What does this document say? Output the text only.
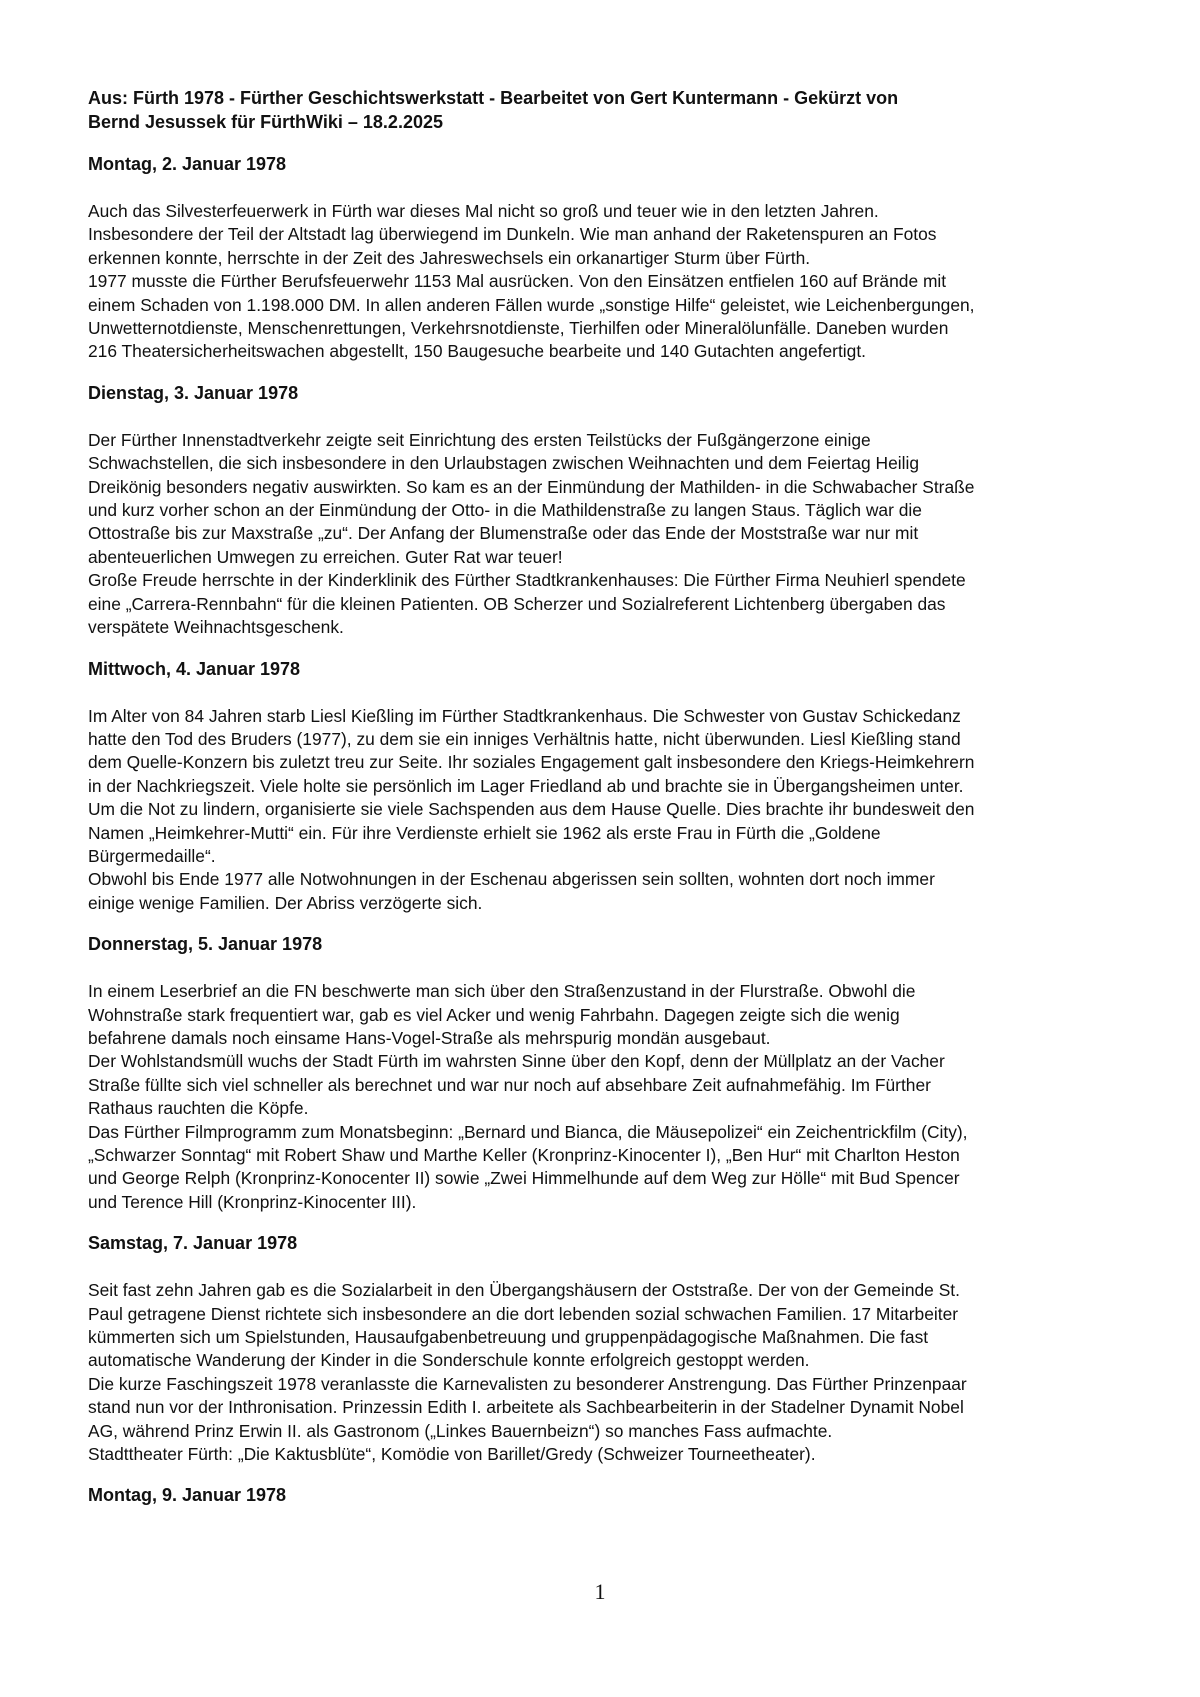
Aus: Fürth 1978 - Fürther Geschichtswerkstatt - Bearbeitet von Gert Kuntermann - Gekürzt von
Bernd Jesussek für FürthWiki – 18.2.2025
Montag, 2. Januar 1978
Auch das Silvesterfeuerwerk in Fürth war dieses Mal nicht so groß und teuer wie in den letzten Jahren.
Insbesondere der Teil der Altstadt lag überwiegend im Dunkeln. Wie man anhand der Raketenspuren an Fotos
erkennen konnte, herrschte in der Zeit des Jahreswechsels ein orkanartiger Sturm über Fürth.
1977 musste die Fürther Berufsfeuerwehr 1153 Mal ausrücken. Von den Einsätzen entfielen 160 auf Brände mit
einem Schaden von 1.198.000 DM. In allen anderen Fällen wurde „sonstige Hilfe“ geleistet, wie Leichenbergungen,
Unwetternotdienste, Menschenrettungen, Verkehrsnotdienste, Tierhilfen oder Mineralölunfälle. Daneben wurden
216 Theatersicherheitswachen abgestellt, 150 Baugesuche bearbeite und 140 Gutachten angefertigt.
Dienstag, 3. Januar 1978
Der Fürther Innenstadtverkehr zeigte seit Einrichtung des ersten Teilstücks der Fußgängerzone einige
Schwachstellen, die sich insbesondere in den Urlaubstagen zwischen Weihnachten und dem Feiertag Heilig
Dreikönig besonders negativ auswirkten. So kam es an der Einmündung der Mathilden- in die Schwabacher Straße
und kurz vorher schon an der Einmündung der Otto- in die Mathildenstraße zu langen Staus. Täglich war die
Ottostraße bis zur Maxstraße „zu“. Der Anfang der Blumenstraße oder das Ende der Moststraße war nur mit
abenteuerlichen Umwegen zu erreichen. Guter Rat war teuer!
Große Freude herrschte in der Kinderklinik des Fürther Stadtkrankenhauses: Die Fürther Firma Neuhierl spendete
eine „Carrera-Rennbahn“ für die kleinen Patienten. OB Scherzer und Sozialreferent Lichtenberg übergaben das
verspätete Weihnachtsgeschenk.
Mittwoch, 4. Januar 1978
Im Alter von 84 Jahren starb Liesl Kießling im Fürther Stadtkrankenhaus. Die Schwester von Gustav Schickedanz
hatte den Tod des Bruders (1977), zu dem sie ein inniges Verhältnis hatte, nicht überwunden. Liesl Kießling stand
dem Quelle-Konzern bis zuletzt treu zur Seite. Ihr soziales Engagement galt insbesondere den Kriegs-Heimkehrern
in der Nachkriegszeit. Viele holte sie persönlich im Lager Friedland ab und brachte sie in Übergangsheimen unter.
Um die Not zu lindern, organisierte sie viele Sachspenden aus dem Hause Quelle. Dies brachte ihr bundesweit den
Namen „Heimkehrer-Mutti“ ein. Für ihre Verdienste erhielt sie 1962 als erste Frau in Fürth die „Goldene
Bürgermedaille“.
Obwohl bis Ende 1977 alle Notwohnungen in der Eschenau abgerissen sein sollten, wohnten dort noch immer
einige wenige Familien. Der Abriss verzögerte sich.
Donnerstag, 5. Januar 1978
In einem Leserbrief an die FN beschwerte man sich über den Straßenzustand in der Flurstraße. Obwohl die
Wohnstraße stark frequentiert war, gab es viel Acker und wenig Fahrbahn. Dagegen zeigte sich die wenig
befahrene damals noch einsame Hans-Vogel-Straße als mehrspurig mondän ausgebaut.
Der Wohlstandsmüll wuchs der Stadt Fürth im wahrsten Sinne über den Kopf, denn der Müllplatz an der Vacher
Straße füllte sich viel schneller als berechnet und war nur noch auf absehbare Zeit aufnahmefähig. Im Fürther
Rathaus rauchten die Köpfe.
Das Fürther Filmprogramm zum Monatsbeginn: „Bernard und Bianca, die Mäusepolizei“ ein Zeichentrickfilm (City),
„Schwarzer Sonntag“ mit Robert Shaw und Marthe Keller (Kronprinz-Kinocenter I), „Ben Hur“ mit Charlton Heston
und George Relph (Kronprinz-Konocenter II) sowie „Zwei Himmelhunde auf dem Weg zur Hölle“ mit Bud Spencer
und Terence Hill (Kronprinz-Kinocenter III).
Samstag, 7. Januar 1978
Seit fast zehn Jahren gab es die Sozialarbeit in den Übergangshäusern der Oststraße. Der von der Gemeinde St.
Paul getragene Dienst richtete sich insbesondere an die dort lebenden sozial schwachen Familien. 17 Mitarbeiter
kümmerten sich um Spielstunden, Hausaufgabenbetreuung und gruppenpädagogische Maßnahmen. Die fast
automatische Wanderung der Kinder in die Sonderschule konnte erfolgreich gestoppt werden.
Die kurze Faschingszeit 1978 veranlasste die Karnevalisten zu besonderer Anstrengung. Das Fürther Prinzenpaar
stand nun vor der Inthronisation. Prinzessin Edith I. arbeitete als Sachbearbeiterin in der Stadelner Dynamit Nobel
AG, während Prinz Erwin II. als Gastronom („Linkes Bauernbeizn“) so manches Fass aufmachte.
Stadttheater Fürth: „Die Kaktusblüte“, Komödie von Barillet/Gredy (Schweizer Tourneetheater).
Montag, 9. Januar 1978
1
